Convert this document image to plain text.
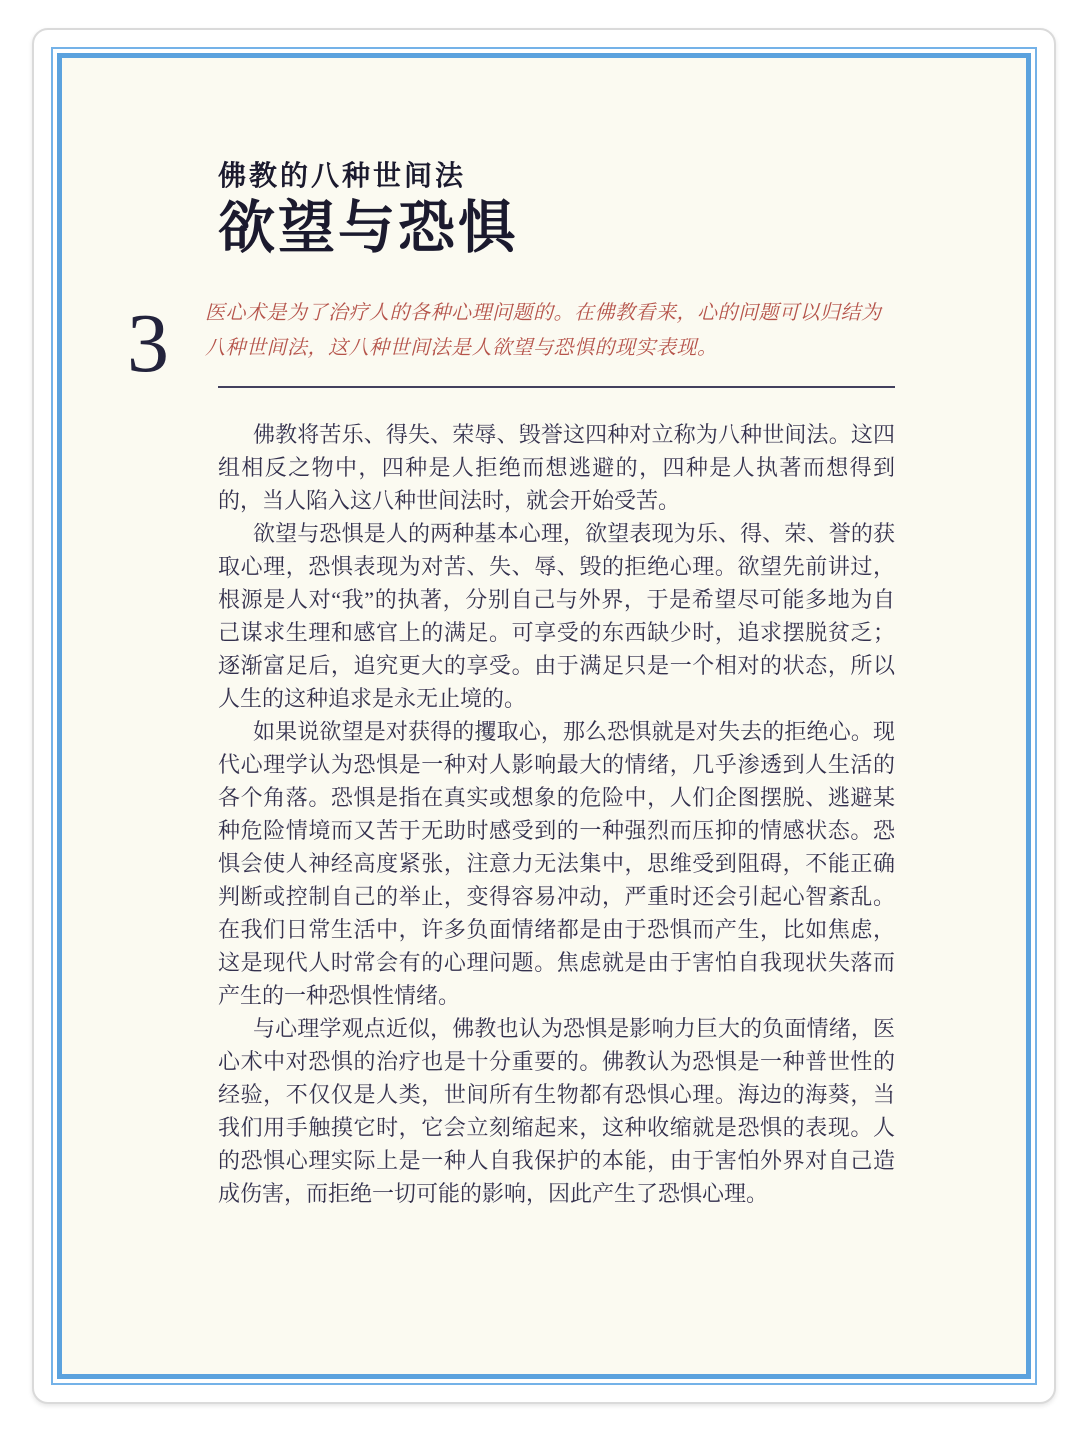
3
佛教的八种世间法
欲望与恐惧

医心术是为了治疗人的各种心理问题的。在佛教看来，心的问题可以归结为八种世间法，这八种世间法是人欲望与恐惧的现实表现。

佛教将苦乐、得失、荣辱、毁誉这四种对立称为八种世间法。这四组相反之物中，四种是人拒绝而想逃避的，四种是人执著而想得到的，当人陷入这八种世间法时，就会开始受苦。

欲望与恐惧是人的两种基本心理，欲望表现为乐、得、荣、誉的获取心理，恐惧表现为对苦、失、辱、毁的拒绝心理。欲望先前讲过，根源是人对“我”的执著，分别自己与外界，于是希望尽可能多地为自己谋求生理和感官上的满足。可享受的东西缺少时，追求摆脱贫乏；逐渐富足后，追究更大的享受。由于满足只是一个相对的状态，所以人生的这种追求是永无止境的。

如果说欲望是对获得的攫取心，那么恐惧就是对失去的拒绝心。现代心理学认为恐惧是一种对人影响最大的情绪，几乎渗透到人生活的各个角落。恐惧是指在真实或想象的危险中，人们企图摆脱、逃避某种危险情境而又苦于无助时感受到的一种强烈而压抑的情感状态。恐惧会使人神经高度紧张，注意力无法集中，思维受到阻碍，不能正确判断或控制自己的举止，变得容易冲动，严重时还会引起心智紊乱。在我们日常生活中，许多负面情绪都是由于恐惧而产生，比如焦虑，这是现代人时常会有的心理问题。焦虑就是由于害怕自我现状失落而产生的一种恐惧性情绪。

与心理学观点近似，佛教也认为恐惧是影响力巨大的负面情绪，医心术中对恐惧的治疗也是十分重要的。佛教认为恐惧是一种普世性的经验，不仅仅是人类，世间所有生物都有恐惧心理。海边的海葵，当我们用手触摸它时，它会立刻缩起来，这种收缩就是恐惧的表现。人的恐惧心理实际上是一种人自我保护的本能，由于害怕外界对自己造成伤害，而拒绝一切可能的影响，因此产生了恐惧心理。
